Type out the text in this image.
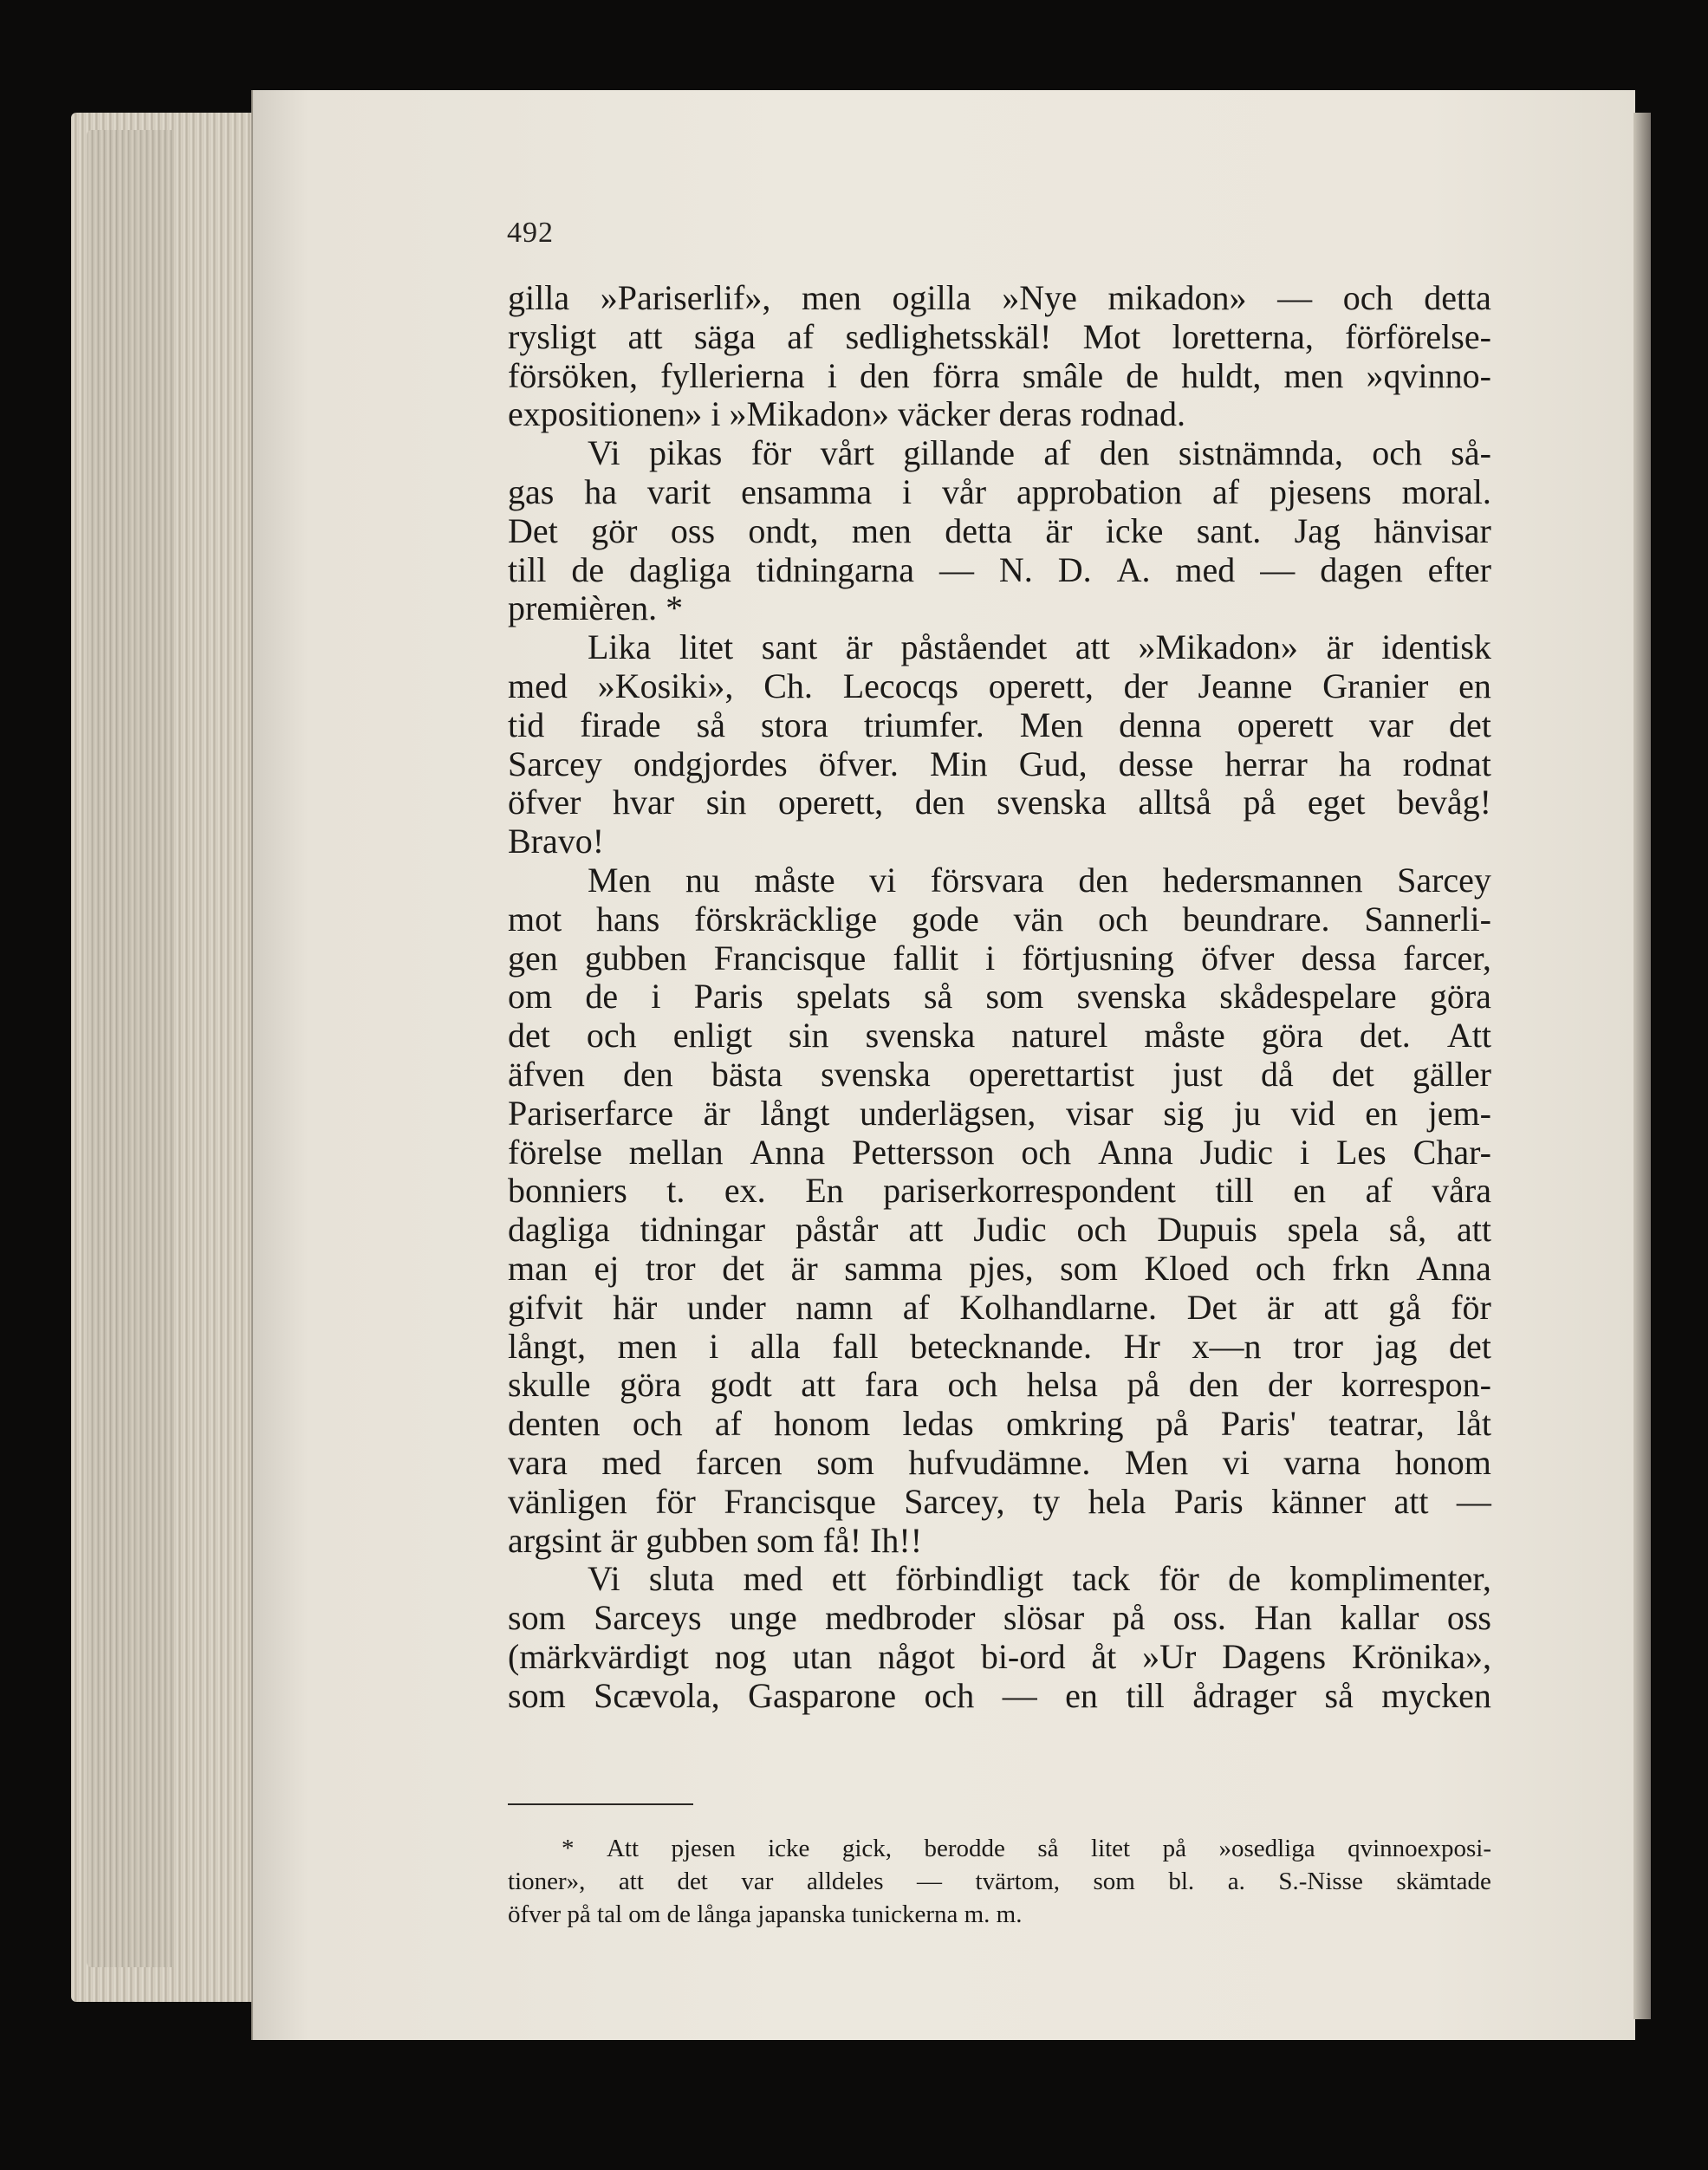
492
gilla »Pariserlif», men ogilla »Nye mikadon» — och detta
rysligt att säga af sedlighetsskäl! Mot loretterna, förförelse-
försöken, fyllerierna i den förra smâle de huldt, men »qvinno-
expositionen» i »Mikadon» väcker deras rodnad.
Vi pikas för vårt gillande af den sistnämnda, och så-
gas ha varit ensamma i vår approbation af pjesens moral.
Det gör oss ondt, men detta är icke sant. Jag hänvisar
till de dagliga tidningarna — N. D. A. med — dagen efter
premièren. *
Lika litet sant är påståendet att »Mikadon» är identisk
med »Kosiki», Ch. Lecocqs operett, der Jeanne Granier en
tid firade så stora triumfer. Men denna operett var det
Sarcey ondgjordes öfver. Min Gud, desse herrar ha rodnat
öfver hvar sin operett, den svenska alltså på eget bevåg!
Bravo!
Men nu måste vi försvara den hedersmannen Sarcey
mot hans förskräcklige gode vän och beundrare. Sannerli-
gen gubben Francisque fallit i förtjusning öfver dessa farcer,
om de i Paris spelats så som svenska skådespelare göra
det och enligt sin svenska naturel måste göra det. Att
äfven den bästa svenska operettartist just då det gäller
Pariserfarce är långt underlägsen, visar sig ju vid en jem-
förelse mellan Anna Pettersson och Anna Judic i Les Char-
bonniers t. ex. En pariserkorrespondent till en af våra
dagliga tidningar påstår att Judic och Dupuis spela så, att
man ej tror det är samma pjes, som Kloed och frkn Anna
gifvit här under namn af Kolhandlarne. Det är att gå för
långt, men i alla fall betecknande. Hr x—n tror jag det
skulle göra godt att fara och helsa på den der korrespon-
denten och af honom ledas omkring på Paris' teatrar, låt
vara med farcen som hufvudämne. Men vi varna honom
vänligen för Francisque Sarcey, ty hela Paris känner att —
argsint är gubben som få! Ih!!
Vi sluta med ett förbindligt tack för de komplimenter,
som Sarceys unge medbroder slösar på oss. Han kallar oss
(märkvärdigt nog utan något bi-ord åt »Ur Dagens Krönika»,
som Scævola, Gasparone och — en till ådrager så mycken
* Att pjesen icke gick, berodde så litet på »osedliga qvinnoexposi-
tioner», att det var alldeles — tvärtom, som bl. a. S.-Nisse skämtade
öfver på tal om de långa japanska tunickerna m. m.
